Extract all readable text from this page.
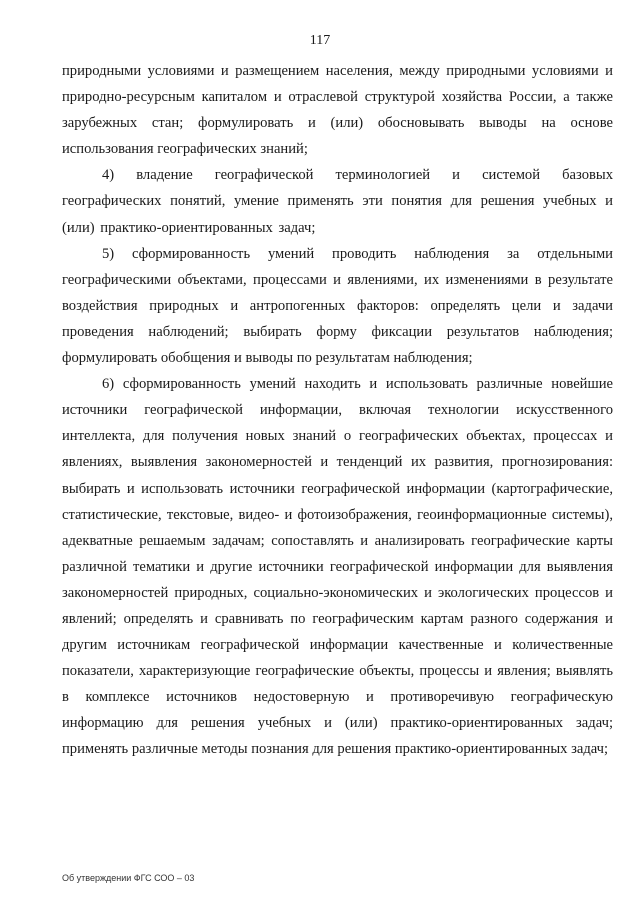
117

природными условиями и размещением населения, между природными условиями и природно-ресурсным капиталом и отраслевой структурой хозяйства России, а также зарубежных стан; формулировать и (или) обосновывать выводы на основе использования географических знаний;

4) владение географической терминологией и системой базовых географических понятий, умение применять эти понятия для решения учебных и (или) практико-ориентированных задач;

5) сформированность умений проводить наблюдения за отдельными географическими объектами, процессами и явлениями, их изменениями в результате воздействия природных и антропогенных факторов: определять цели и задачи проведения наблюдений; выбирать форму фиксации результатов наблюдения; формулировать обобщения и выводы по результатам наблюдения;

6) сформированность умений находить и использовать различные новейшие источники географической информации, включая технологии искусственного интеллекта, для получения новых знаний о географических объектах, процессах и явлениях, выявления закономерностей и тенденций их развития, прогнозирования: выбирать и использовать источники географической информации (картографические, статистические, текстовые, видео- и фотоизображения, геоинформационные системы), адекватные решаемым задачам; сопоставлять и анализировать географические карты различной тематики и другие источники географической информации для выявления закономерностей природных, социально-экономических и экологических процессов и явлений; определять и сравнивать по географическим картам разного содержания и другим источникам географической информации качественные и количественные показатели, характеризующие географические объекты, процессы и явления; выявлять в комплексе источников недостоверную и противоречивую географическую информацию для решения учебных и (или) практико-ориентированных задач; применять различные методы познания для решения практико-ориентированных задач;

Об утверждении ФГС СОО – 03
